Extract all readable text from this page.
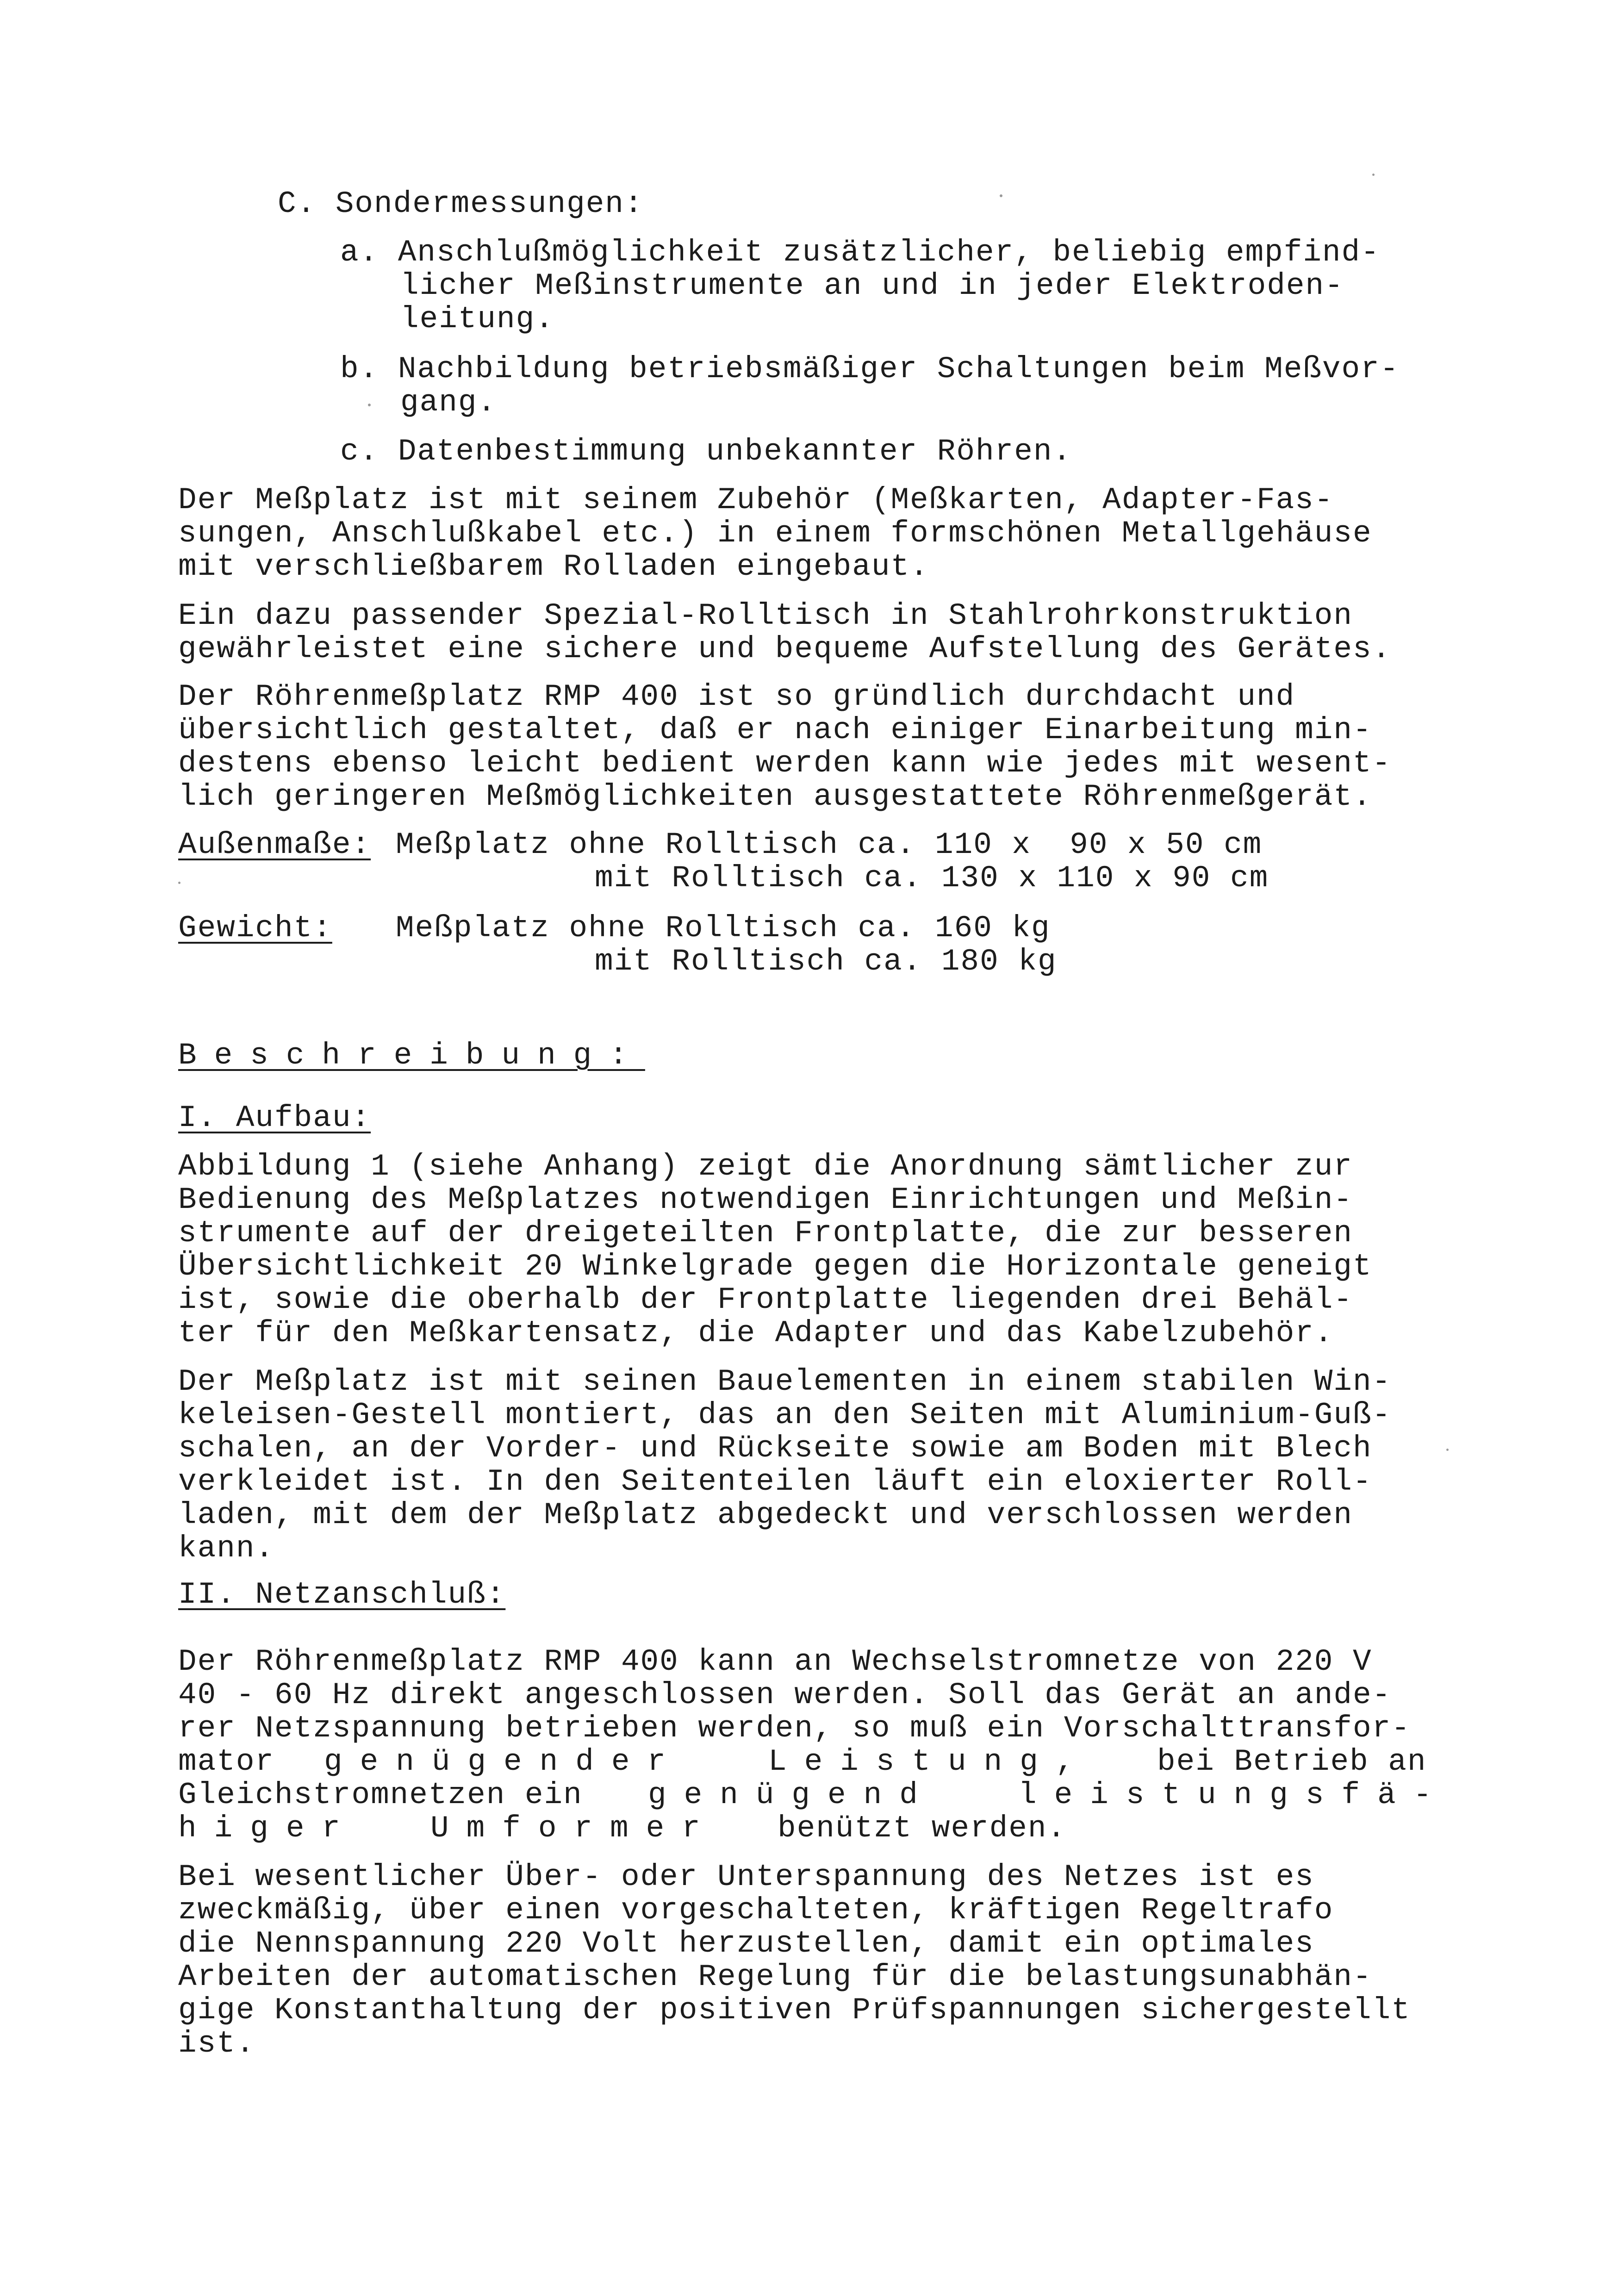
C. Sondermessungen:
a. Anschlußmöglichkeit zusätzlicher, beliebig empfind-
licher Meßinstrumente an und in jeder Elektroden-
leitung.
b. Nachbildung betriebsmäßiger Schaltungen beim Meßvor-
gang.
c. Datenbestimmung unbekannter Röhren.
Der Meßplatz ist mit seinem Zubehör (Meßkarten, Adapter-Fas-
sungen, Anschlußkabel etc.) in einem formschönen Metallgehäuse
mit verschließbarem Rolladen eingebaut.
Ein dazu passender Spezial-Rolltisch in Stahlrohrkonstruktion
gewährleistet eine sichere und bequeme Aufstellung des Gerätes.
Der Röhrenmeßplatz RMP 400 ist so gründlich durchdacht und
übersichtlich gestaltet, daß er nach einiger Einarbeitung min-
destens ebenso leicht bedient werden kann wie jedes mit wesent-
lich geringeren Meßmöglichkeiten ausgestattete Röhrenmeßgerät.
Außenmaße: Meßplatz ohne Rolltisch ca. 110 x  90 x 50 cm
mit Rolltisch ca. 130 x 110 x 90 cm
Gewicht: Meßplatz ohne Rolltisch ca. 160 kg
mit Rolltisch ca. 180 kg
Beschreibung:
I. Aufbau:
Abbildung 1 (siehe Anhang) zeigt die Anordnung sämtlicher zur
Bedienung des Meßplatzes notwendigen Einrichtungen und Meßin-
strumente auf der dreigeteilten Frontplatte, die zur besseren
Übersichtlichkeit 20 Winkelgrade gegen die Horizontale geneigt
ist, sowie die oberhalb der Frontplatte liegenden drei Behäl-
ter für den Meßkartensatz, die Adapter und das Kabelzubehör.
Der Meßplatz ist mit seinen Bauelementen in einem stabilen Win-
keleisen-Gestell montiert, das an den Seiten mit Aluminium-Guß-
schalen, an der Vorder- und Rückseite sowie am Boden mit Blech
verkleidet ist. In den Seitenteilen läuft ein eloxierter Roll-
laden, mit dem der Meßplatz abgedeckt und verschlossen werden
kann.
II. Netzanschluß:
Der Röhrenmeßplatz RMP 400 kann an Wechselstromnetze von 220 V
40 - 60 Hz direkt angeschlossen werden. Soll das Gerät an ande-
rer Netzspannung betrieben werden, so muß ein Vorschalttransfor-
mator genügender	Leistung, bei Betrieb an
Gleichstromnetzen ein genügend	leistungsfä-
higer Umformer benützt werden.
Bei wesentlicher Über- oder Unterspannung des Netzes ist es
zweckmäßig, über einen vorgeschalteten, kräftigen Regeltrafo
die Nennspannung 220 Volt herzustellen, damit ein optimales
Arbeiten der automatischen Regelung für die belastungsunabhän-
gige Konstanthaltung der positiven Prüfspannungen sichergestellt
ist.
